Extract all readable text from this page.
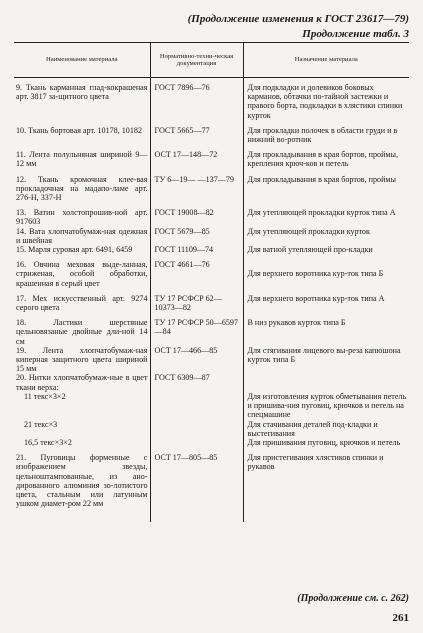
(Продолжение изменения к ГОСТ 23617—79)
Продолжение табл. 3
Наименование материала	Нормативно-техни-ческая документация	Назначение материала
9. Ткань карманная глад-кокрашеная арт. 3817 за-щитного цвета	ГОСТ 7896—76	Для подкладки и долевиков боковых карманов, обтачки по-тайной застежки и правого борта, подкладки в хлястики спинки курток

10. Ткань бортовая арт. 10178, 10182	ГОСТ 5665—77	Для прокладки полочек в области груди и в нижний во-ротник

11. Лента полульняная шириной 9—12 мм	ОСТ 17—148—72	Для прокладывания в края бортов, проймы, крепления крюч-ков и петель

12. Ткань кромочная клее-вая прокладочная на мадапо-ламе арт. 276-Н, 337-Н	ТУ 6—19— —137—79	Для прокладывания в края бортов, проймы

13. Ватин холстопрошив-ной арт. 917603	ГОСТ 19008—82	Для утепляющей прокладки курток типа А
14. Вата хлопчатобумаж-ная одежная и швейная	ГОСТ 5679—85	Для утепляющей прокладки курток
15. Марля суровая арт. 6491, 6459	ГОСТ 11109—74	Для ватной утепляющей про-кладки

16. Овчина меховая выде-ланная, стриженая, особой обработки, крашенная в серый цвет	ГОСТ 4661—76	Для верхнего воротника кур-ток типа Б

17. Мех искусственный арт. 9274 серого цвета	ТУ 17 РСФСР 62—10373—82	Для верхнего воротника кур-ток типа А

18. Ластики шерстяные цельновязаные двойные дли-ной 14 см	ТУ 17 РСФСР 50—6597—84	В низ рукавов курток типа Б
19. Лента хлопчатобумаж-ная киперная защитного цвета шириной 15 мм	ОСТ 17—466—85	Для стягивания лицевого вы-реза капюшона курток типа Б
20. Нитки хлопчатобумаж-ные в цвет ткани верха:	ГОСТ 6309—87	

11 текс×3×2		Для изготовления курток обметывания петель и пришива-ния пуговиц, крючков и петель на спецмашине

21 текс×3		Для стачивания деталей под-кладки и выстегивания

16,5 текс×3×2		Для пришивания пуговиц, крючков и петель

21. Пуговицы форменные с изображением звезды, цельноштампованные, из ано-дированного алюминия зо-лотистого цвета, стальным или латунным ушком диамет-ром 22 мм	ОСТ 17—805—85	Для пристегивания хлястиков спинки и рукавов

(Продолжение см. с. 262)
261
